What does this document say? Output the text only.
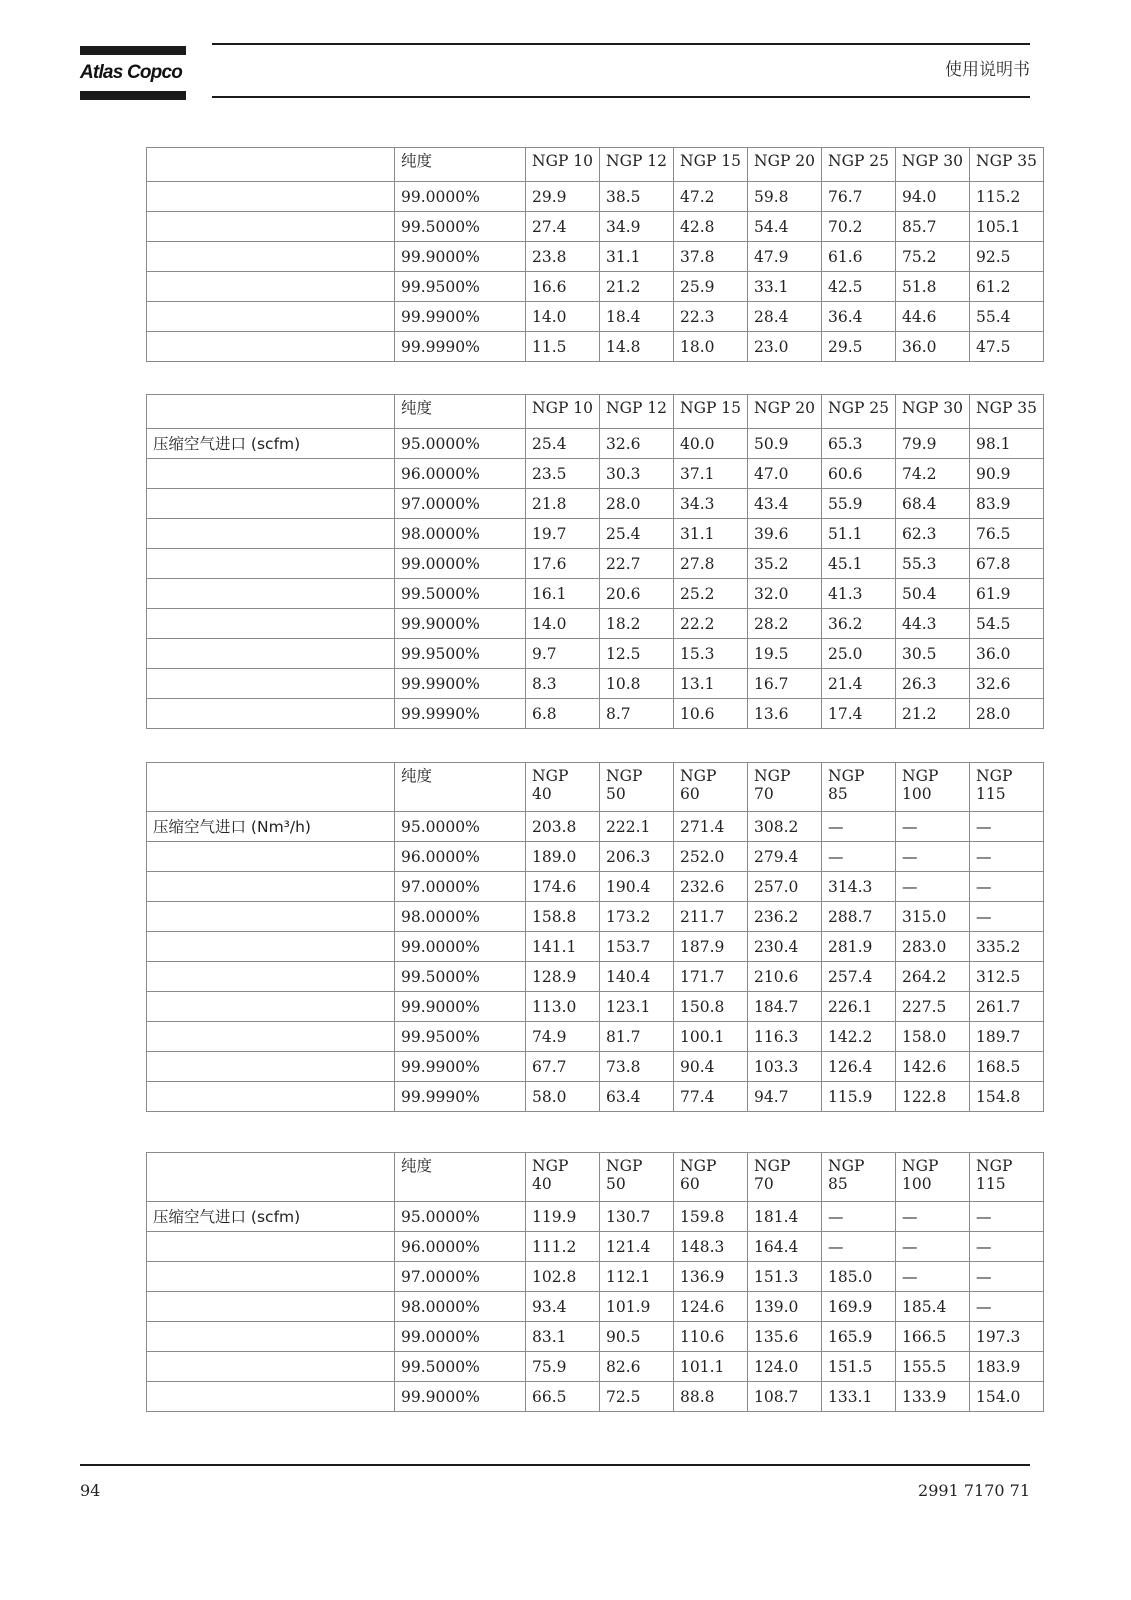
Atlas Copco	使用说明书
	纯度	NGP 10	NGP 12	NGP 15	NGP 20	NGP 25	NGP 30	NGP 35
	99.0000%	29.9	38.5	47.2	59.8	76.7	94.0	115.2
	99.5000%	27.4	34.9	42.8	54.4	70.2	85.7	105.1
	99.9000%	23.8	31.1	37.8	47.9	61.6	75.2	92.5
	99.9500%	16.6	21.2	25.9	33.1	42.5	51.8	61.2
	99.9900%	14.0	18.4	22.3	28.4	36.4	44.6	55.4
	99.9990%	11.5	14.8	18.0	23.0	29.5	36.0	47.5
	纯度	NGP 10	NGP 12	NGP 15	NGP 20	NGP 25	NGP 30	NGP 35
压缩空气进口 (scfm)	95.0000%	25.4	32.6	40.0	50.9	65.3	79.9	98.1
	96.0000%	23.5	30.3	37.1	47.0	60.6	74.2	90.9
	97.0000%	21.8	28.0	34.3	43.4	55.9	68.4	83.9
	98.0000%	19.7	25.4	31.1	39.6	51.1	62.3	76.5
	99.0000%	17.6	22.7	27.8	35.2	45.1	55.3	67.8
	99.5000%	16.1	20.6	25.2	32.0	41.3	50.4	61.9
	99.9000%	14.0	18.2	22.2	28.2	36.2	44.3	54.5
	99.9500%	9.7	12.5	15.3	19.5	25.0	30.5	36.0
	99.9900%	8.3	10.8	13.1	16.7	21.4	26.3	32.6
	99.9990%	6.8	8.7	10.6	13.6	17.4	21.2	28.0
	纯度	NGP 40	NGP 50	NGP 60	NGP 70	NGP 85	NGP 100	NGP 115
压缩空气进口 (Nm³/h)	95.0000%	203.8	222.1	271.4	308.2	—	—	—
	96.0000%	189.0	206.3	252.0	279.4	—	—	—
	97.0000%	174.6	190.4	232.6	257.0	314.3	—	—
	98.0000%	158.8	173.2	211.7	236.2	288.7	315.0	—
	99.0000%	141.1	153.7	187.9	230.4	281.9	283.0	335.2
	99.5000%	128.9	140.4	171.7	210.6	257.4	264.2	312.5
	99.9000%	113.0	123.1	150.8	184.7	226.1	227.5	261.7
	99.9500%	74.9	81.7	100.1	116.3	142.2	158.0	189.7
	99.9900%	67.7	73.8	90.4	103.3	126.4	142.6	168.5
	99.9990%	58.0	63.4	77.4	94.7	115.9	122.8	154.8
	纯度	NGP 40	NGP 50	NGP 60	NGP 70	NGP 85	NGP 100	NGP 115
压缩空气进口 (scfm)	95.0000%	119.9	130.7	159.8	181.4	—	—	—
	96.0000%	111.2	121.4	148.3	164.4	—	—	—
	97.0000%	102.8	112.1	136.9	151.3	185.0	—	—
	98.0000%	93.4	101.9	124.6	139.0	169.9	185.4	—
	99.0000%	83.1	90.5	110.6	135.6	165.9	166.5	197.3
	99.5000%	75.9	82.6	101.1	124.0	151.5	155.5	183.9
	99.9000%	66.5	72.5	88.8	108.7	133.1	133.9	154.0
94	2991 7170 71
